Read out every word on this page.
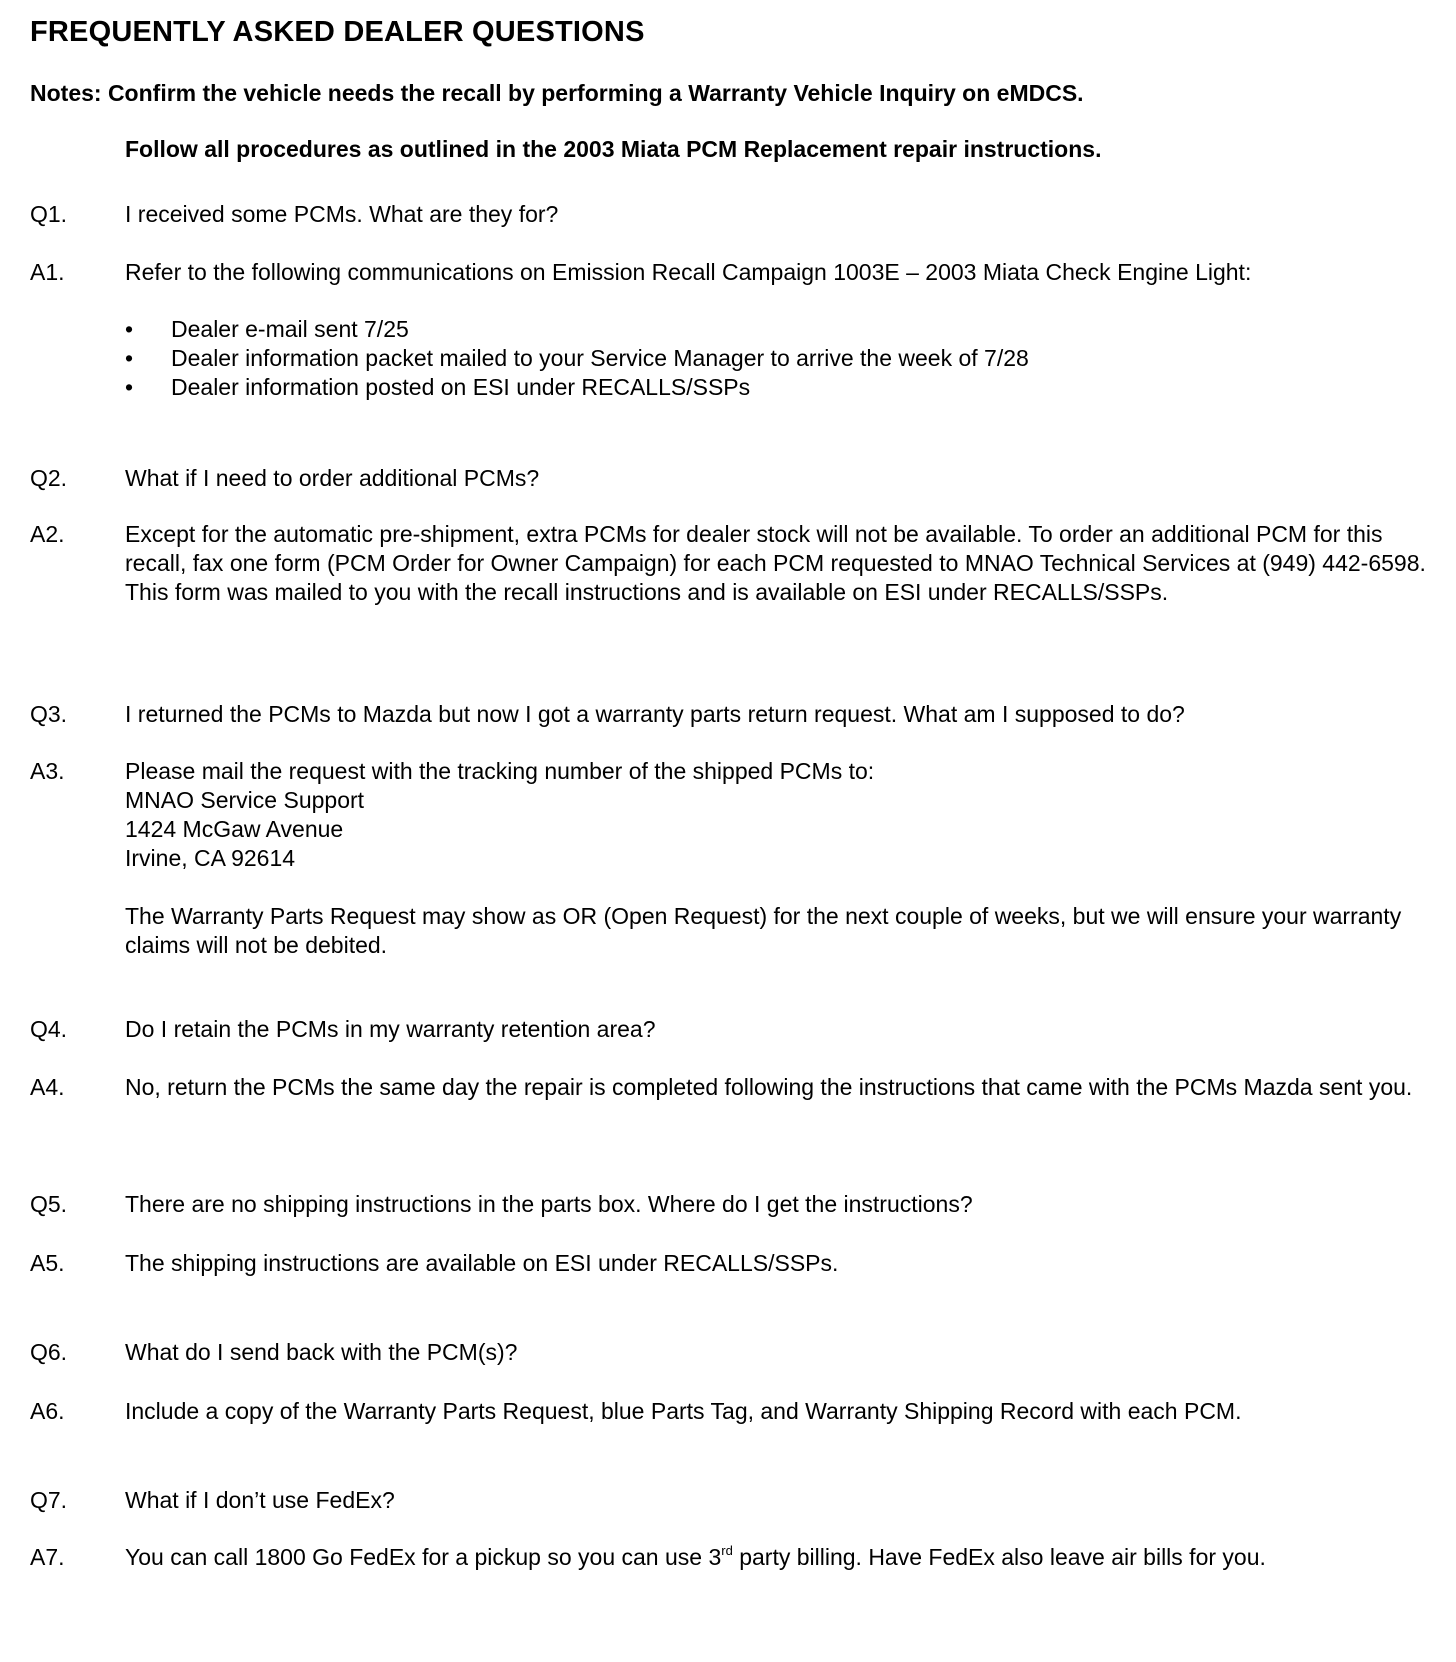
FREQUENTLY ASKED DEALER QUESTIONS
Notes: Confirm the vehicle needs the recall by performing a Warranty Vehicle Inquiry on eMDCS.
Follow all procedures as outlined in the 2003 Miata PCM Replacement repair instructions.
Q1.	I received some PCMs. What are they for?
A1.	Refer to the following communications on Emission Recall Campaign 1003E – 2003 Miata Check Engine Light:
• Dealer e-mail sent 7/25
• Dealer information packet mailed to your Service Manager to arrive the week of 7/28
• Dealer information posted on ESI under RECALLS/SSPs
Q2.	What if I need to order additional PCMs?
A2.	Except for the automatic pre-shipment, extra PCMs for dealer stock will not be available. To order an additional PCM for this recall, fax one form (PCM Order for Owner Campaign) for each PCM requested to MNAO Technical Services at (949) 442-6598. This form was mailed to you with the recall instructions and is available on ESI under RECALLS/SSPs.
Q3.	I returned the PCMs to Mazda but now I got a warranty parts return request. What am I supposed to do?
A3.	Please mail the request with the tracking number of the shipped PCMs to:
MNAO Service Support
1424 McGaw Avenue
Irvine, CA 92614
The Warranty Parts Request may show as OR (Open Request) for the next couple of weeks, but we will ensure your warranty claims will not be debited.
Q4.	Do I retain the PCMs in my warranty retention area?
A4.	No, return the PCMs the same day the repair is completed following the instructions that came with the PCMs Mazda sent you.
Q5.	There are no shipping instructions in the parts box. Where do I get the instructions?
A5.	The shipping instructions are available on ESI under RECALLS/SSPs.
Q6.	What do I send back with the PCM(s)?
A6.	Include a copy of the Warranty Parts Request, blue Parts Tag, and Warranty Shipping Record with each PCM.
Q7.	What if I don’t use FedEx?
A7.	You can call 1800 Go FedEx for a pickup so you can use 3rd party billing. Have FedEx also leave air bills for you.
